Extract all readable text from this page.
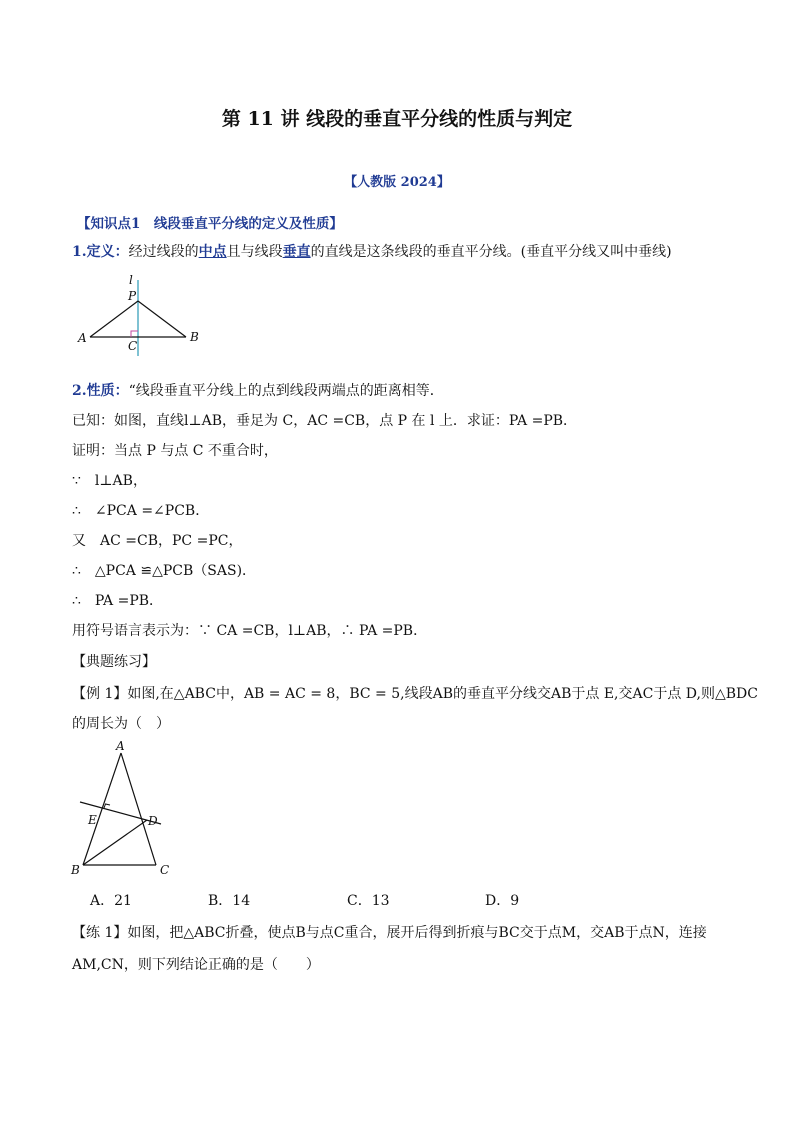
第 11 讲 线段的垂直平分线的性质与判定
【人教版 2024】
【知识点1　线段垂直平分线的定义及性质】
1.定义：经过线段的中点且与线段垂直的直线是这条线段的垂直平分线。(垂直平分线又叫中垂线)
l
P
A	B
C
2.性质：“线段垂直平分线上的点到线段两端点的距离相等．
已知：如图，直线l⊥AB，垂足为 C，AC =CB，点 P 在 l 上．求证：PA =PB．
证明：当点 P 与点 C 不重合时，
∵　l⊥AB，
∴　∠PCA =∠PCB．
又　AC =CB，PC =PC，
∴　△PCA ≌△PCB（SAS)．
∴　PA =PB．
用符号语言表示为：∵ CA =CB，l⊥AB，∴ PA =PB．
【典题练习】
【例 1】如图,在△ABC中，AB = AC = 8，BC = 5,线段AB的垂直平分线交AB于点 E,交AC于点 D,则△BDC
的周长为（　）
A
E	D
B	C
A．21	B．14	C．13	D．9
【练 1】如图，把△ABC折叠，使点B与点C重合，展开后得到折痕与BC交于点M，交AB于点N，连接
AM,CN，则下列结论正确的是（　　）
